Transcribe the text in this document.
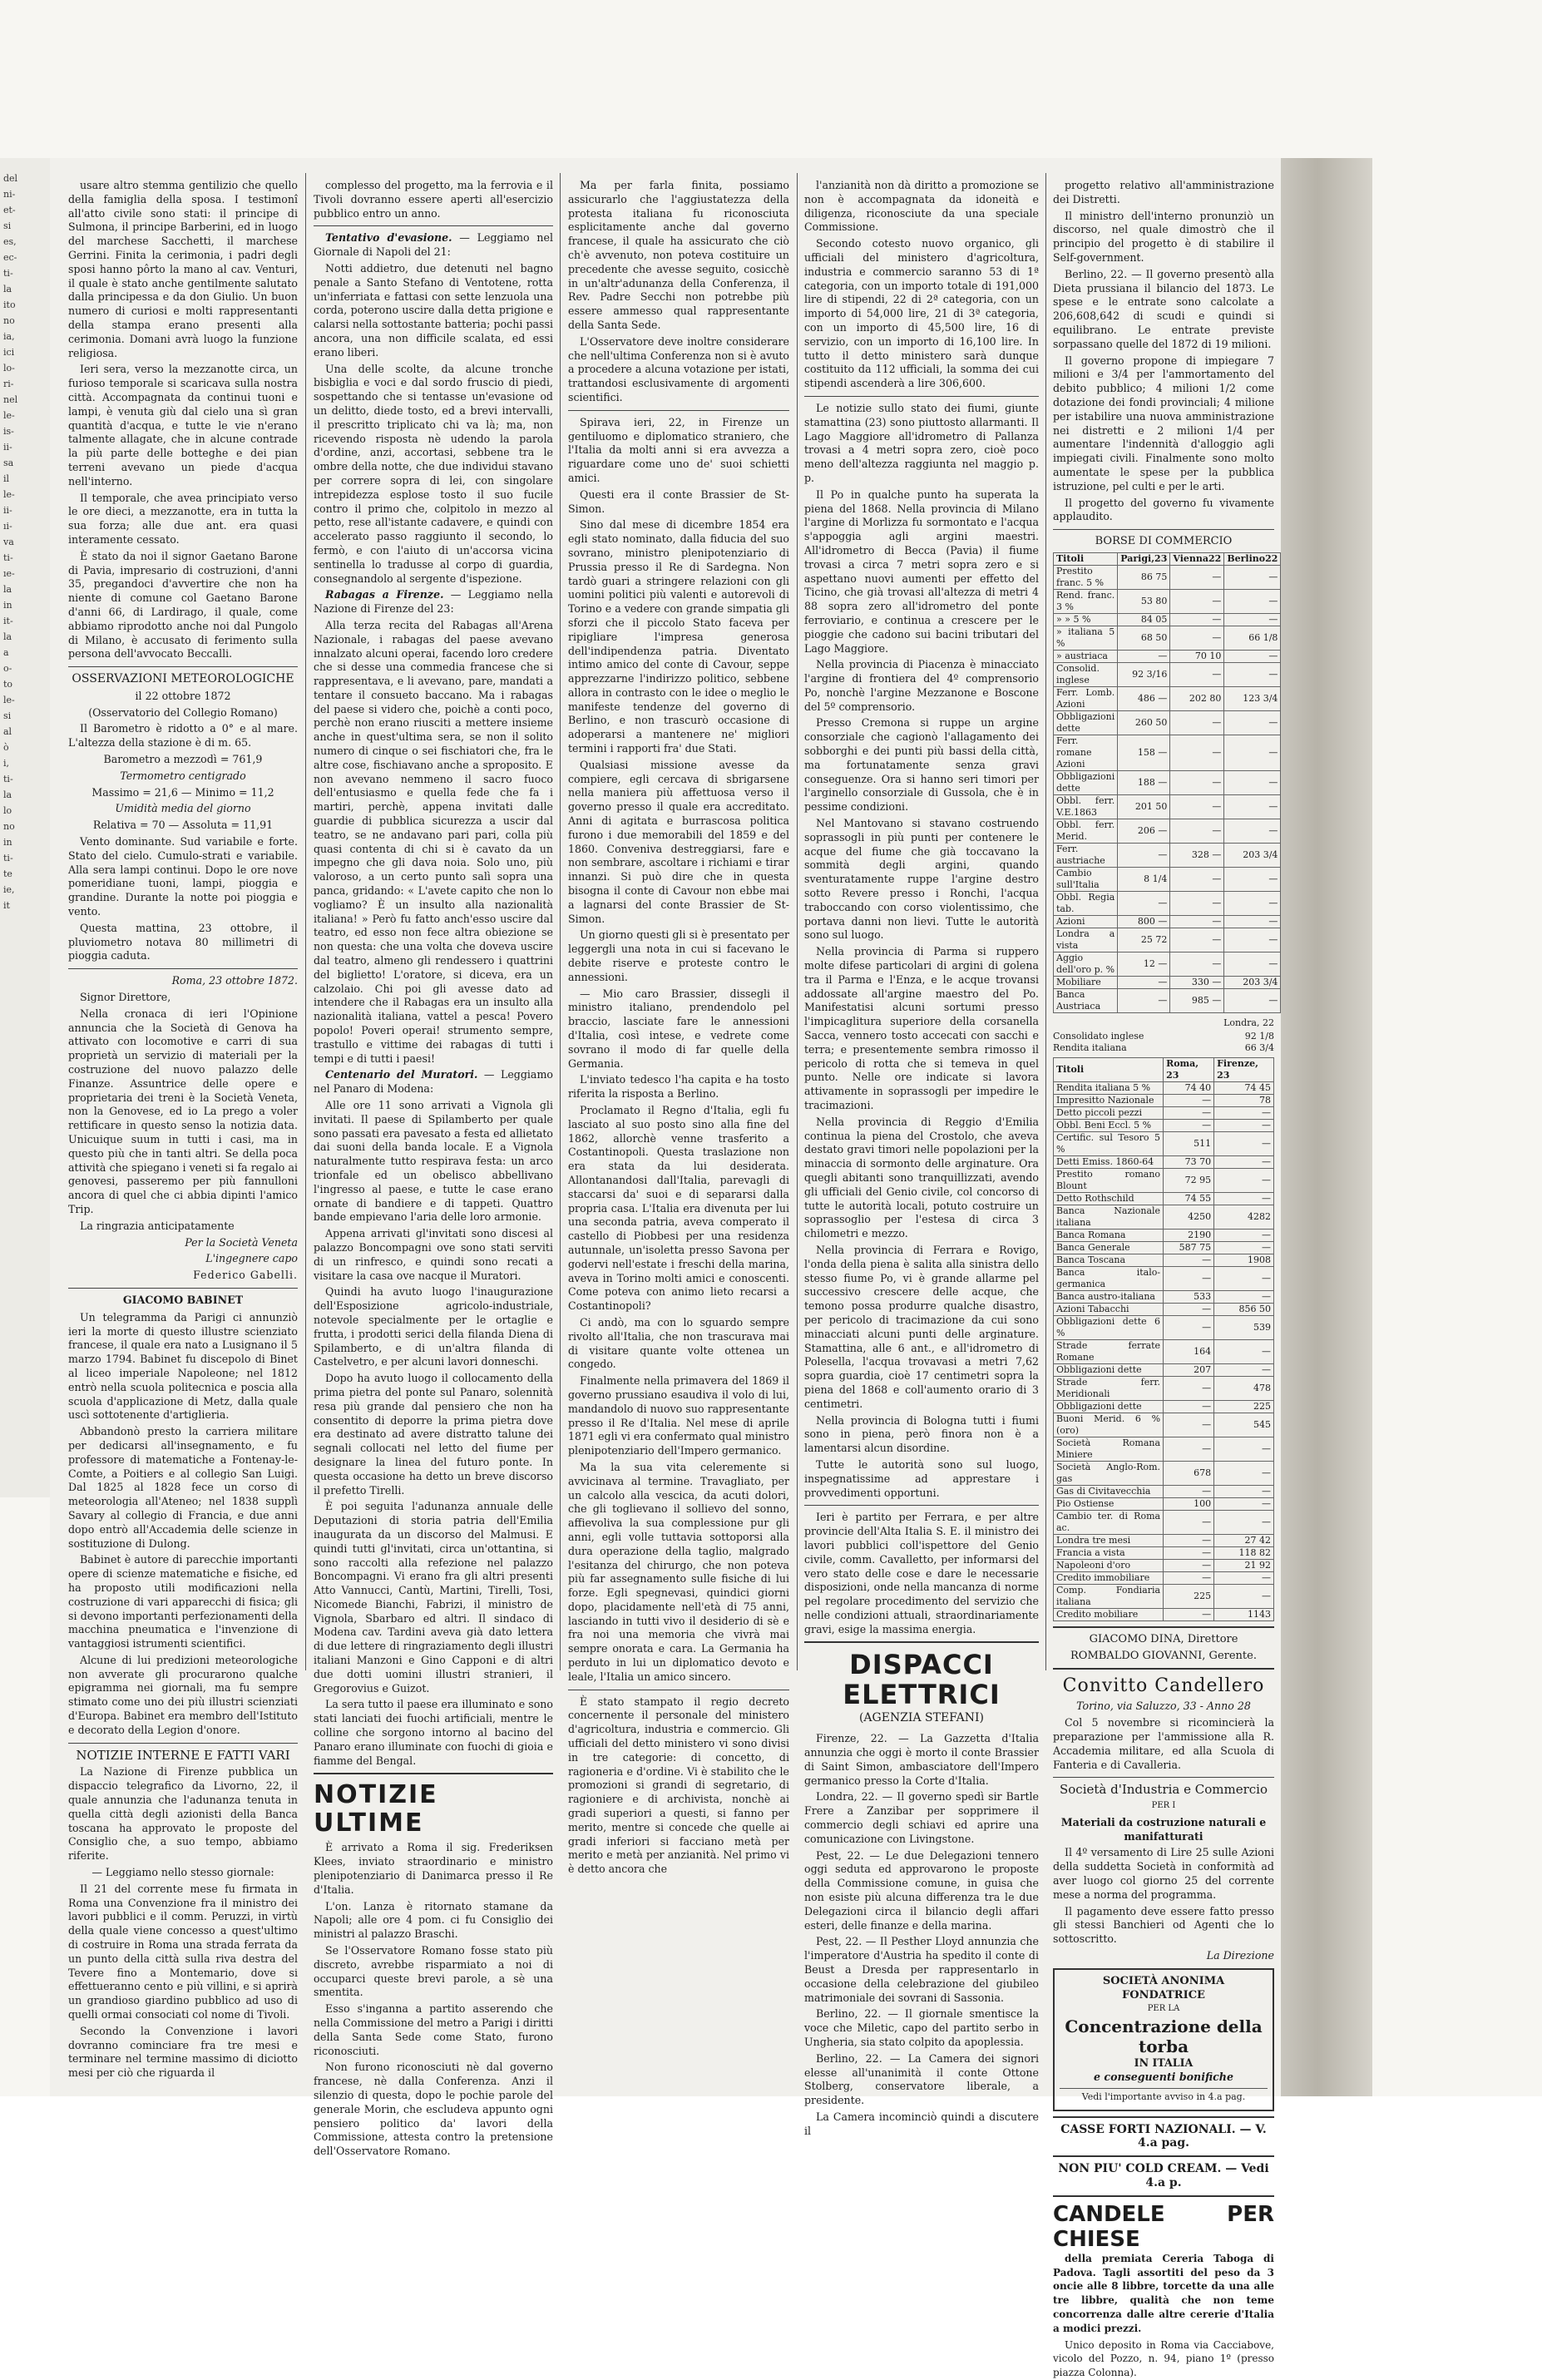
del
ni-
et-
si
es,
ec-
ti-
la
ito
no
ia,
ici
lo-
ri-
nel
le-
is-
ii-
sa
il
le-
ii-
ıi-
va
ti-
ıe-
la
in
it-
la
a
o-
to
le-
si
al
ò
i,
ti-
la
lo
no
in
ti-
te
ie,
it

usare altro stemma gentilizio che quello della famiglia della sposa. I testimonî all'atto civile sono stati: il principe di Sulmona, il principe Barberini, ed in luogo del marchese Sacchetti, il marchese Gerrini. Finita la cerimonia, i padri degli sposi hanno pôrto la mano al cav. Venturi, il quale è stato anche gentilmente salutato dalla principessa e da don Giulio. Un buon numero di curiosi e molti rappresentanti della stampa erano presenti alla cerimonia. Domani avrà luogo la funzione religiosa.

Ieri sera, verso la mezzanotte circa, un furioso temporale si scaricava sulla nostra città. Accompagnata da continui tuoni e lampi, è venuta giù dal cielo una sì gran quantità d'acqua, e tutte le vie n'erano talmente allagate, che in alcune contrade la più parte delle botteghe e dei pian terreni avevano un piede d'acqua nell'interno.

Il temporale, che avea principiato verso le ore dieci, a mezzanotte, era in tutta la sua forza; alle due ant. era quasi interamente cessato.

È stato da noi il signor Gaetano Barone di Pavia, impresario di costruzioni, d'anni 35, pregandoci d'avvertire che non ha niente di comune col Gaetano Barone d'anni 66, di Lardirago, il quale, come abbiamo riprodotto anche noi dal Pungolo di Milano, è accusato di ferimento sulla persona dell'avvocato Beccalli.

OSSERVAZIONI METEOROLOGICHE

il 22 ottobre 1872

(Osservatorio del Collegio Romano)

Il Barometro è ridotto a 0° e al mare. L'altezza della stazione è di m. 65.

Barometro a mezzodì = 761,9

Termometro centigrado

Massimo = 21,6 — Minimo = 11,2

Umidità media del giorno

Relativa = 70 — Assoluta = 11,91

Vento dominante. Sud variabile e forte. Stato del cielo. Cumulo-strati e variabile. Alla sera lampi continui. Dopo le ore nove pomeridiane tuoni, lampi, pioggia e grandine. Durante la notte poi pioggia e vento.

Questa mattina, 23 ottobre, il pluviometro notava 80 millimetri di pioggia caduta.

Roma, 23 ottobre 1872.

Signor Direttore,

Nella cronaca di ieri l'Opinione annuncia che la Società di Genova ha attivato con locomotive e carri di sua proprietà un servizio di materiali per la costruzione del nuovo palazzo delle Finanze. Assuntrice delle opere e proprietaria dei treni è la Società Veneta, non la Genovese, ed io La prego a voler rettificare in questo senso la notizia data. Unicuique suum in tutti i casi, ma in questo più che in tanti altri. Se della poca attività che spiegano i veneti si fa regalo ai genovesi, passeremo per più fannulloni ancora di quel che ci abbia dipinti l'amico Trip.

La ringrazia anticipatamente

Per la Società Veneta

L'ingegnere capo

Federico Gabelli.

GIACOMO BABINET

Un telegramma da Parigi ci annunziò ieri la morte di questo illustre scienziato francese, il quale era nato a Lusignano il 5 marzo 1794. Babinet fu discepolo di Binet al liceo imperiale Napoleone; nel 1812 entrò nella scuola politecnica e poscia alla scuola d'applicazione di Metz, dalla quale uscì sottotenente d'artiglieria.

Abbandonò presto la carriera militare per dedicarsi all'insegnamento, e fu professore di matematiche a Fontenay-le-Comte, a Poitiers e al collegio San Luigi. Dal 1825 al 1828 fece un corso di meteorologia all'Ateneo; nel 1838 supplì Savary al collegio di Francia, e due anni dopo entrò all'Accademia delle scienze in sostituzione di Dulong.

Babinet è autore di parecchie importanti opere di scienze matematiche e fisiche, ed ha proposto utili modificazioni nella costruzione di vari apparecchi di fisica; gli si devono importanti perfezionamenti della macchina pneumatica e l'invenzione di vantaggiosi istrumenti scientifici.

Alcune di lui predizioni meteorologiche non avverate gli procurarono qualche epigramma nei giornali, ma fu sempre stimato come uno dei più illustri scienziati d'Europa. Babinet era membro dell'Istituto e decorato della Legion d'onore.

NOTIZIE INTERNE E FATTI VARI

La Nazione di Firenze pubblica un dispaccio telegrafico da Livorno, 22, il quale annunzia che l'adunanza tenuta in quella città degli azionisti della Banca toscana ha approvato le proposte del Consiglio che, a suo tempo, abbiamo riferite.

— Leggiamo nello stesso giornale:

Il 21 del corrente mese fu firmata in Roma una Convenzione fra il ministro dei lavori pubblici e il comm. Peruzzi, in virtù della quale viene concesso a quest'ultimo di costruire in Roma una strada ferrata da un punto della città sulla riva destra del Tevere fino a Montemario, dove si effettueranno cento e più villini, e si aprirà un grandioso giardino pubblico ad uso di quelli ormai consociati col nome di Tivoli.

Secondo la Convenzione i lavori dovranno cominciare fra tre mesi e terminare nel termine massimo di diciotto mesi per ciò che riguarda il

complesso del progetto, ma la ferrovia e il Tivoli dovranno essere aperti all'esercizio pubblico entro un anno.

Tentativo d'evasione. — Leggiamo nel Giornale di Napoli del 21:

Notti addietro, due detenuti nel bagno penale a Santo Stefano di Ventotene, rotta un'inferriata e fattasi con sette lenzuola una corda, poterono uscire dalla detta prigione e calarsi nella sottostante batteria; pochi passi ancora, una non difficile scalata, ed essi erano liberi.

Una delle scolte, da alcune tronche bisbiglia e voci e dal sordo fruscio di piedi, sospettando che si tentasse un'evasione od un delitto, diede tosto, ed a brevi intervalli, il prescritto triplicato chi va là; ma, non ricevendo risposta nè udendo la parola d'ordine, anzi, accortasi, sebbene tra le ombre della notte, che due individui stavano per correre sopra di lei, con singolare intrepidezza esplose tosto il suo fucile contro il primo che, colpitolo in mezzo al petto, rese all'istante cadavere, e quindi con accelerato passo raggiunto il secondo, lo fermò, e con l'aiuto di un'accorsa vicina sentinella lo tradusse al corpo di guardia, consegnandolo al sergente d'ispezione.

Rabagas a Firenze. — Leggiamo nella Nazione di Firenze del 23:

Alla terza recita del Rabagas all'Arena Nazionale, i rabagas del paese avevano innalzato alcuni operai, facendo loro credere che si desse una commedia francese che si rappresentava, e li avevano, pare, mandati a tentare il consueto baccano. Ma i rabagas del paese si videro che, poichè a conti poco, perchè non erano riusciti a mettere insieme anche in quest'ultima sera, se non il solito numero di cinque o sei fischiatori che, fra le altre cose, fischiavano anche a sproposito. E non avevano nemmeno il sacro fuoco dell'entusiasmo e quella fede che fa i martiri, perchè, appena invitati dalle guardie di pubblica sicurezza a uscir dal teatro, se ne andavano pari pari, colla più quasi contenta di chi si è cavato da un impegno che gli dava noia. Solo uno, più valoroso, a un certo punto salì sopra una panca, gridando: « L'avete capito che non lo vogliamo? È un insulto alla nazionalità italiana! » Però fu fatto anch'esso uscire dal teatro, ed esso non fece altra obiezione se non questa: che una volta che doveva uscire dal teatro, almeno gli rendessero i quattrini del biglietto! L'oratore, si diceva, era un calzolaio. Chi poi gli avesse dato ad intendere che il Rabagas era un insulto alla nazionalità italiana, vattel a pesca! Povero popolo! Poveri operai! strumento sempre, trastullo e vittime dei rabagas di tutti i tempi e di tutti i paesi!

Centenario del Muratori. — Leggiamo nel Panaro di Modena:

Alle ore 11 sono arrivati a Vignola gli invitati. Il paese di Spilamberto per quale sono passati era pavesato a festa ed allietato dai suoni della banda locale. E a Vignola naturalmente tutto respirava festa: un arco trionfale ed un obelisco abbellivano l'ingresso al paese, e tutte le case erano ornate di bandiere e di tappeti. Quattro bande empievano l'aria delle loro armonie.

Appena arrivati gl'invitati sono discesi al palazzo Boncompagni ove sono stati serviti di un rinfresco, e quindi sono recati a visitare la casa ove nacque il Muratori.

Quindi ha avuto luogo l'inaugurazione dell'Esposizione agricolo-industriale, notevole specialmente per le ortaglie e frutta, i prodotti serici della filanda Diena di Spilamberto, e di un'altra filanda di Castelvetro, e per alcuni lavori donneschi.

Dopo ha avuto luogo il collocamento della prima pietra del ponte sul Panaro, solennità resa più grande dal pensiero che non ha consentito di deporre la prima pietra dove era destinato ad avere distratto talune dei segnali collocati nel letto del fiume per designare la linea del futuro ponte. In questa occasione ha detto un breve discorso il prefetto Tirelli.

È poi seguita l'adunanza annuale delle Deputazioni di storia patria dell'Emilia inaugurata da un discorso del Malmusi. E quindi tutti gl'invitati, circa un'ottantina, si sono raccolti alla refezione nel palazzo Boncompagni. Vi erano fra gli altri presenti Atto Vannucci, Cantù, Martini, Tirelli, Tosi, Nicomede Bianchi, Fabrizi, il ministro de Vignola, Sbarbaro ed altri. Il sindaco di Modena cav. Tardini aveva già dato lettera di due lettere di ringraziamento degli illustri italiani Manzoni e Gino Capponi e di altri due dotti uomini illustri stranieri, il Gregorovius e Guizot.

La sera tutto il paese era illuminato e sono stati lanciati dei fuochi artificiali, mentre le colline che sorgono intorno al bacino del Panaro erano illuminate con fuochi di gioia e fiamme del Bengal.

NOTIZIE ULTIME

È arrivato a Roma il sig. Frederiksen Klees, inviato straordinario e ministro plenipotenziario di Danimarca presso il Re d'Italia.

L'on. Lanza è ritornato stamane da Napoli; alle ore 4 pom. ci fu Consiglio dei ministri al palazzo Braschi.

Se l'Osservatore Romano fosse stato più discreto, avrebbe risparmiato a noi di occuparci queste brevi parole, a sè una smentita.

Esso s'inganna a partito asserendo che nella Commissione del metro a Parigi i diritti della Santa Sede come Stato, furono riconosciuti.

Non furono riconosciuti nè dal governo francese, nè dalla Conferenza. Anzi il silenzio di questa, dopo le pochie parole del generale Morin, che escludeva appunto ogni pensiero politico da' lavori della Commissione, attesta contro la pretensione dell'Osservatore Romano.

Ma per farla finita, possiamo assicurarlo che l'aggiustatezza della protesta italiana fu riconosciuta esplicitamente anche dal governo francese, il quale ha assicurato che ciò ch'è avvenuto, non poteva costituire un precedente che avesse seguito, cosicchè in un'altr'adunanza della Conferenza, il Rev. Padre Secchi non potrebbe più essere ammesso qual rappresentante della Santa Sede.

L'Osservatore deve inoltre considerare che nell'ultima Conferenza non si è avuto a procedere a alcuna votazione per istati, trattandosi esclusivamente di argomenti scientifici.

Spirava ieri, 22, in Firenze un gentiluomo e diplomatico straniero, che l'Italia da molti anni si era avvezza a riguardare come uno de' suoi schietti amici.

Questi era il conte Brassier de St-Simon.

Sino dal mese di dicembre 1854 era egli stato nominato, dalla fiducia del suo sovrano, ministro plenipotenziario di Prussia presso il Re di Sardegna. Non tardò guari a stringere relazioni con gli uomini politici più valenti e autorevoli di Torino e a vedere con grande simpatia gli sforzi che il piccolo Stato faceva per ripigliare l'impresa generosa dell'indipendenza patria. Diventato intimo amico del conte di Cavour, seppe apprezzarne l'indirizzo politico, sebbene allora in contrasto con le idee o meglio le manifeste tendenze del governo di Berlino, e non trascurò occasione di adoperarsi a mantenere ne' migliori termini i rapporti fra' due Stati.

Qualsiasi missione avesse da compiere, egli cercava di sbrigarsene nella maniera più affettuosa verso il governo presso il quale era accreditato. Anni di agitata e burrascosa politica furono i due memorabili del 1859 e del 1860. Conveniva destreggiarsi, fare e non sembrare, ascoltare i richiami e tirar innanzi. Si può dire che in questa bisogna il conte di Cavour non ebbe mai a lagnarsi del conte Brassier de St-Simon.

Un giorno questi gli si è presentato per leggergli una nota in cui si facevano le debite riserve e proteste contro le annessioni.

— Mio caro Brassier, dissegli il ministro italiano, prendendolo pel braccio, lasciate fare le annessioni d'Italia, così intese, e vedrete come sovrano il modo di far quelle della Germania.

L'inviato tedesco l'ha capita e ha tosto riferita la risposta a Berlino.

Proclamato il Regno d'Italia, egli fu lasciato al suo posto sino alla fine del 1862, allorchè venne trasferito a Costantinopoli. Questa traslazione non era stata da lui desiderata. Allontanandosi dall'Italia, parevagli di staccarsi da' suoi e di separarsi dalla propria casa. L'Italia era divenuta per lui una seconda patria, aveva comperato il castello di Piobbesi per una residenza autunnale, un'isoletta presso Savona per godervi nell'estate i freschi della marina, aveva in Torino molti amici e conoscenti. Come poteva con animo lieto recarsi a Costantinopoli?

Ci andò, ma con lo sguardo sempre rivolto all'Italia, che non trascurava mai di visitare quante volte ottenea un congedo.

Finalmente nella primavera del 1869 il governo prussiano esaudiva il volo di lui, mandandolo di nuovo suo rappresentante presso il Re d'Italia. Nel mese di aprile 1871 egli vi era confermato qual ministro plenipotenziario dell'Impero germanico.

Ma la sua vita celeremente si avvicinava al termine. Travagliato, per un calcolo alla vescica, da acuti dolori, che gli toglievano il sollievo del sonno, affievoliva la sua complessione pur gli anni, egli volle tuttavia sottoporsi alla dura operazione della taglio, malgrado l'esitanza del chirurgo, che non poteva più far assegnamento sulle fisiche di lui forze. Egli spegnevasi, quindici giorni dopo, placidamente nell'età di 75 anni, lasciando in tutti vivo il desiderio di sè e fra noi una memoria che vivrà mai sempre onorata e cara. La Germania ha perduto in lui un diplomatico devoto e leale, l'Italia un amico sincero.

È stato stampato il regio decreto concernente il personale del ministero d'agricoltura, industria e commercio. Gli ufficiali del detto ministero vi sono divisi in tre categorie: di concetto, di ragioneria e d'ordine. Vi è stabilito che le promozioni si grandi di segretario, di ragioniere e di archivista, nonchè ai gradi superiori a questi, si fanno per merito, mentre si concede che quelle ai gradi inferiori si facciano metà per merito e metà per anzianità. Nel primo vi è detto ancora che

l'anzianità non dà diritto a promozione se non è accompagnata da idoneità e diligenza, riconosciute da una speciale Commissione.

Secondo cotesto nuovo organico, gli ufficiali del ministero d'agricoltura, industria e commercio saranno 53 di 1ª categoria, con un importo totale di 191,000 lire di stipendi, 22 di 2ª categoria, con un importo di 54,000 lire, 21 di 3ª categoria, con un importo di 45,500 lire, 16 di servizio, con un importo di 16,100 lire. In tutto il detto ministero sarà dunque costituito da 112 ufficiali, la somma dei cui stipendi ascenderà a lire 306,600.

Le notizie sullo stato dei fiumi, giunte stamattina (23) sono piuttosto allarmanti. Il Lago Maggiore all'idrometro di Pallanza trovasi a 4 metri sopra zero, cioè poco meno dell'altezza raggiunta nel maggio p. p.

Il Po in qualche punto ha superata la piena del 1868. Nella provincia di Milano l'argine di Morlizza fu sormontato e l'acqua s'appoggia agli argini maestri. All'idrometro di Becca (Pavia) il fiume trovasi a circa 7 metri sopra zero e si aspettano nuovi aumenti per effetto del Ticino, che già trovasi all'altezza di metri 4 88 sopra zero all'idrometro del ponte ferroviario, e continua a crescere per le pioggie che cadono sui bacini tributari del Lago Maggiore.

Nella provincia di Piacenza è minacciato l'argine di frontiera del 4º comprensorio Po, nonchè l'argine Mezzanone e Boscone del 5º comprensorio.

Presso Cremona si ruppe un argine consorziale che cagionò l'allagamento dei sobborghi e dei punti più bassi della città, ma fortunatamente senza gravi conseguenze. Ora si hanno seri timori per l'arginello consorziale di Gussola, che è in pessime condizioni.

Nel Mantovano si stavano costruendo soprassogli in più punti per contenere le acque del fiume che già toccavano la sommità degli argini, quando sventuratamente ruppe l'argine destro sotto Revere presso i Ronchi, l'acqua traboccando con corso violentissimo, che portava danni non lievi. Tutte le autorità sono sul luogo.

Nella provincia di Parma si ruppero molte difese particolari di argini di golena tra il Parma e l'Enza, e le acque trovansi addossate all'argine maestro del Po. Manifestatisi alcuni sortumi presso l'impicaglitura superiore della corsanella Sacca, vennero tosto accecati con sacchi e terra; e presentemente sembra rimosso il pericolo di rotta che si temeva in quel punto. Nelle ore indicate si lavora attivamente in soprassogli per impedire le tracimazioni.

Nella provincia di Reggio d'Emilia continua la piena del Crostolo, che aveva destato gravi timori nelle popolazioni per la minaccia di sormonto delle arginature. Ora quegli abitanti sono tranquillizzati, avendo gli ufficiali del Genio civile, col concorso di tutte le autorità locali, potuto costruire un soprassoglio per l'estesa di circa 3 chilometri e mezzo.

Nella provincia di Ferrara e Rovigo, l'onda della piena è salita alla sinistra dello stesso fiume Po, vi è grande allarme pel successivo crescere delle acque, che temono possa produrre qualche disastro, per pericolo di tracimazione da cui sono minacciati alcuni punti delle arginature. Stamattina, alle 6 ant., e all'idrometro di Polesella, l'acqua trovavasi a metri 7,62 sopra guardia, cioè 17 centimetri sopra la piena del 1868 e coll'aumento orario di 3 centimetri.

Nella provincia di Bologna tutti i fiumi sono in piena, però finora non è a lamentarsi alcun disordine.

Tutte le autorità sono sul luogo, inspegnatissime ad apprestare i provvedimenti opportuni.

Ieri è partito per Ferrara, e per altre provincie dell'Alta Italia S. E. il ministro dei lavori pubblici coll'ispettore del Genio civile, comm. Cavalletto, per informarsi del vero stato delle cose e dare le necessarie disposizioni, onde nella mancanza di norme pel regolare procedimento del servizio che nelle condizioni attuali, straordinariamente gravi, esige la massima energia.

DISPACCI ELETTRICI
(AGENZIA STEFANI)

Firenze, 22. — La Gazzetta d'Italia annunzia che oggi è morto il conte Brassier di Saint Simon, ambasciatore dell'Impero germanico presso la Corte d'Italia.

Londra, 22. — Il governo spedì sir Bartle Frere a Zanzibar per sopprimere il commercio degli schiavi ed aprire una comunicazione con Livingstone.

Pest, 22. — Le due Delegazioni tennero oggi seduta ed approvarono le proposte della Commissione comune, in guisa che non esiste più alcuna differenza tra le due Delegazioni circa il bilancio degli affari esteri, delle finanze e della marina.

Pest, 22. — Il Pesther Lloyd annunzia che l'imperatore d'Austria ha spedito il conte di Beust a Dresda per rappresentarlo in occasione della celebrazione del giubileo matrimoniale dei sovrani di Sassonia.

Berlino, 22. — Il giornale smentisce la voce che Miletic, capo del partito serbo in Ungheria, sia stato colpito da apoplessia.

Berlino, 22. — La Camera dei signori elesse all'unanimità il conte Ottone Stolberg, conservatore liberale, a presidente.

La Camera incominciò quindi a discutere il

progetto relativo all'amministrazione dei Distretti.

Il ministro dell'interno pronunziò un discorso, nel quale dimostrò che il principio del progetto è di stabilire il Self-government.

Berlino, 22. — Il governo presentò alla Dieta prussiana il bilancio del 1873. Le spese e le entrate sono calcolate a 206,608,642 di scudi e quindi si equilibrano. Le entrate previste sorpassano quelle del 1872 di 19 milioni.

Il governo propone di impiegare 7 milioni e 3/4 per l'ammortamento del debito pubblico; 4 milioni 1/2 come dotazione dei fondi provinciali; 4 milione per istabilire una nuova amministrazione nei distretti e 2 milioni 1/4 per aumentare l'indennità d'alloggio agli impiegati civili. Finalmente sono molto aumentate le spese per la pubblica istruzione, pel culti e per le arti.

Il progetto del governo fu vivamente applaudito.

BORSE DI COMMERCIO

Titoli	Parigi,23	Vienna22	Berlino22
Prestito franc. 5 %	86 75	—	—
Rend. franc. 3 %	53 80	—	—
» » 5 %	84 05	—	—
» italiana 5 %	68 50	—	66 1/8
» austriaca	—	70 10	—
Consolid. inglese	92 3/16	—	—
Ferr. Lomb. Azioni	486 —	202 80	123 3/4
Obbligazioni dette	260 50	—	—
Ferr. romane Azioni	158 —	—	—
Obbligazioni dette	188 —	—	—
Obbl. ferr. V.E.1863	201 50	—	—
Obbl. ferr. Merid.	206 —	—	—
Ferr. austriache	—	328 —	203 3/4
Cambio sull'Italia	8 1/4	—	—
Obbl. Regia tab.	—	—	—
Azioni	800 —	—	—
Londra a vista	25 72	—	—
Aggio dell'oro p. %	12 —	—	—
Mobiliare	—	330 —	203 3/4
Banca Austriaca	—	985 —	—
Londra, 22
Consolidato inglese	92 1/8
Rendita italiana	66 3/4
Titoli	Roma, 23	Firenze, 23
Rendita italiana 5 %	74 40	74 45
Impresitto Nazionale	—	78
Detto piccoli pezzi	—	—
Obbl. Beni Eccl. 5 %	—	—
Certific. sul Tesoro 5 %	511	—
Detti Emiss. 1860-64	73 70	—
Prestito romano Blount	72 95	—
Detto Rothschild	74 55	—
Banca Nazionale italiana	4250	4282
Banca Romana	2190	—
Banca Generale	587 75	—
Banca Toscana	—	1908
Banca italo-germanica	—	—
Banca austro-italiana	533	—
Azioni Tabacchi	—	856 50
Obbligazioni dette 6 %	—	539
Strade ferrate Romane	164	—
Obbligazioni dette	207	—
Strade ferr. Meridionali	—	478
Obbligazioni dette	—	225
Buoni Merid. 6 % (oro)	—	545
Società Romana Miniere	—	—
Società Anglo-Rom. gas	678	—
Gas di Civitavecchia	—	—
Pio Ostiense	100	—
Cambio ter. di Roma ac.	—	—
Londra tre mesi	—	27 42
Francia a vista	—	118 82
Napoleoni d'oro	—	21 92
Credito immobiliare	—	—
Comp. Fondiaria italiana	225	—
Credito mobiliare	—	1143

GIACOMO DINA, Direttore

ROMBALDO GIOVANNI, Gerente.

Convitto Candellero

Torino, via Saluzzo, 33 - Anno 28

Col 5 novembre si ricomincierà la preparazione per l'ammissione alla R. Accademia militare, ed alla Scuola di Fanteria e di Cavalleria.

Società d'Industria e Commercio

PER I

Materiali da costruzione naturali e manifatturati

Il 4º versamento di Lire 25 sulle Azioni della suddetta Società in conformità ad aver luogo col giorno 25 del corrente mese a norma del programma.

Il pagamento deve essere fatto presso gli stessi Banchieri od Agenti che lo sottoscritto.

La Direzione

SOCIETÀ ANONIMA FONDATRICE
PER LA
Concentrazione della torba
IN ITALIA
e conseguenti bonifiche
Vedi l'importante avviso in 4.a pag.

CASSE FORTI NAZIONALI. — V. 4.a pag.

NON PIU' COLD CREAM. — Vedi 4.a p.

CANDELE PER CHIESE

della premiata Cereria Taboga di Padova. Tagli assortiti del peso da 3 oncie alle 8 libbre, torcette da una alle tre libbre, qualità che non teme concorrenza dalle altre cererie d'Italia a modici prezzi.

Unico deposito in Roma via Cacciabove, vicolo del Pozzo, n. 94, piano 1º (presso piazza Colonna).
